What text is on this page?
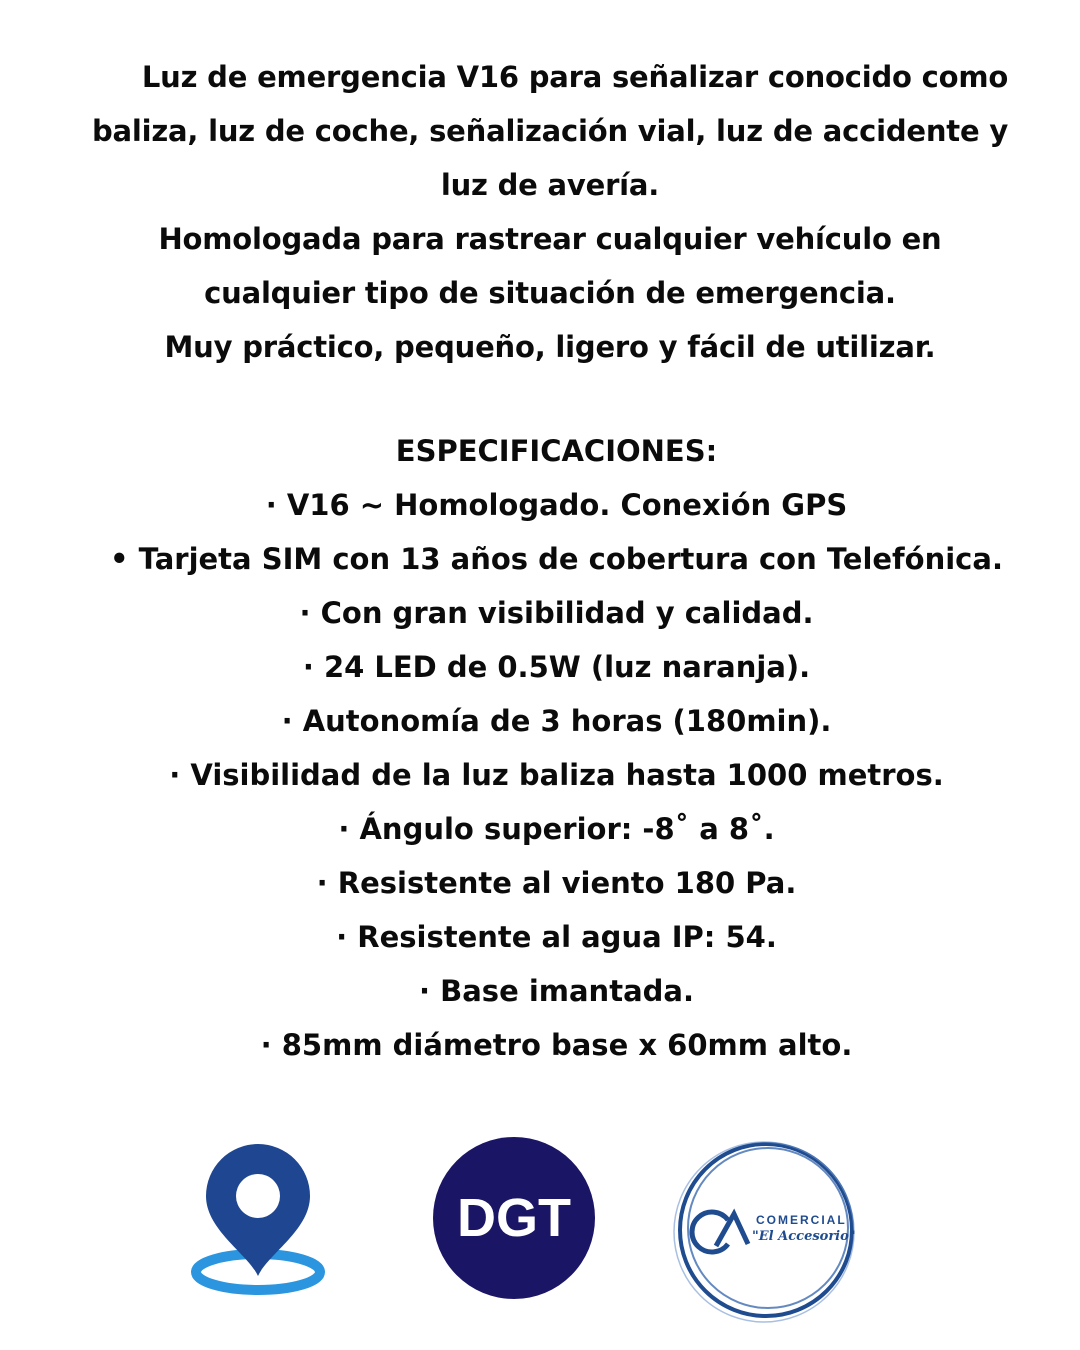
Luz de emergencia V16 para señalizar conocido como

baliza, luz de coche, señalización vial, luz de accidente y

luz de avería.

Homologada para rastrear cualquier vehículo en

cualquier tipo de situación de emergencia.

Muy práctico, pequeño, ligero y fácil de utilizar.

ESPECIFICACIONES:
· V16 ~ Homologado. Conexión GPS
• Tarjeta SIM con 13 años de cobertura con Telefónica.
· Con gran visibilidad y calidad.
· 24 LED de 0.5W (luz naranja).
· Autonomía de 3 horas (180min).
· Visibilidad de la luz baliza hasta 1000 metros.
· Ángulo superior: -8˚ a 8˚.
· Resistente al viento 180 Pa.
· Resistente al agua IP: 54.
· Base imantada.
· 85mm diámetro base x 60mm alto.
DGT	COMERCIAL
"El Accesorio"
